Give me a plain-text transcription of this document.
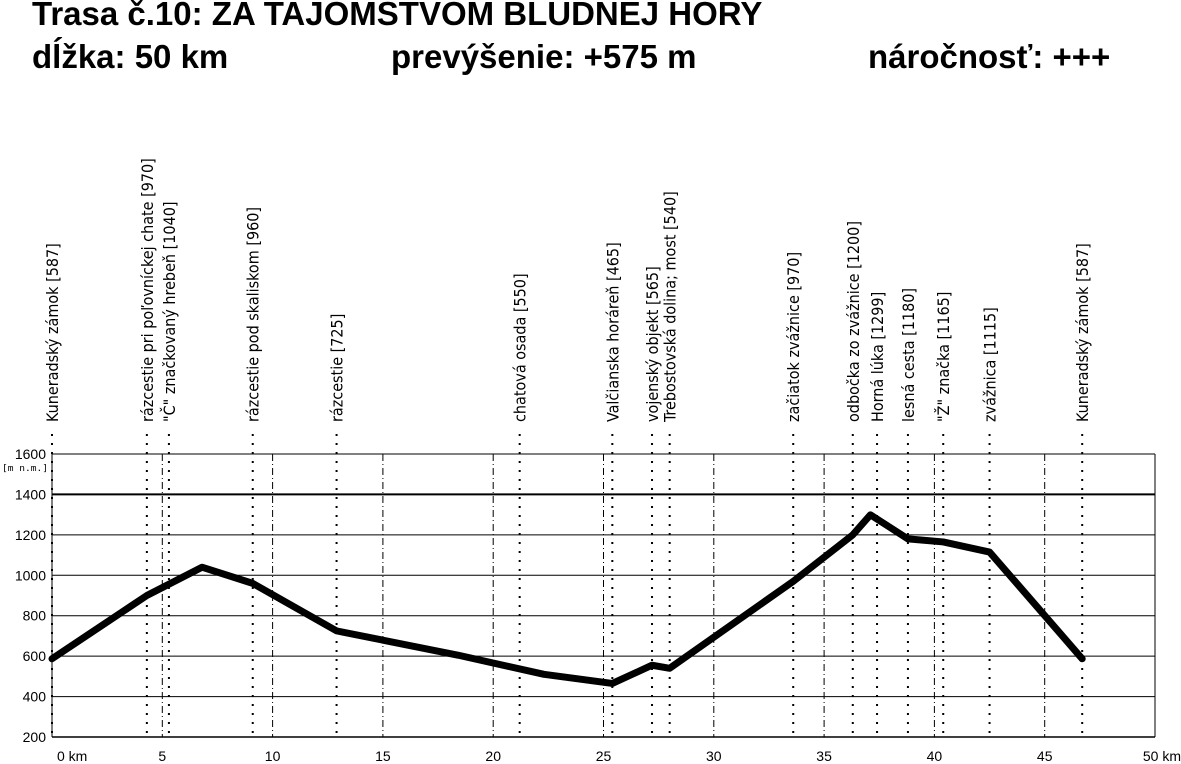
Trasa č.10: ZA TAJOMSTVOM BLUDNEJ HORY
dĺžka: 50 km	prevýšenie: +575 m	náročnosť: +++
200
400
600
800
1000
1200
1400
1600
[m n.m.]
0 km	5	10	15	20	25	30	35	40	45	50 km
Kuneradský zámok [587]	rázcestie pri poľovníckej chate [970] "Č" značkovaný hrebeň [1040]	rázcestie pod skaliskom [960]	rázcestie [725]	chatová osada [550]	Valčianska horáreň [465] vojenský objekt [565]
Trebostovská dolina; most [540]	začiatok zvážnice [970]	odbočka zo zvážnice [1200] Horná lúka [1299] lesná cesta [1180] "Ž" značka [1165] zvážnica [1115]	Kuneradský zámok [587]
